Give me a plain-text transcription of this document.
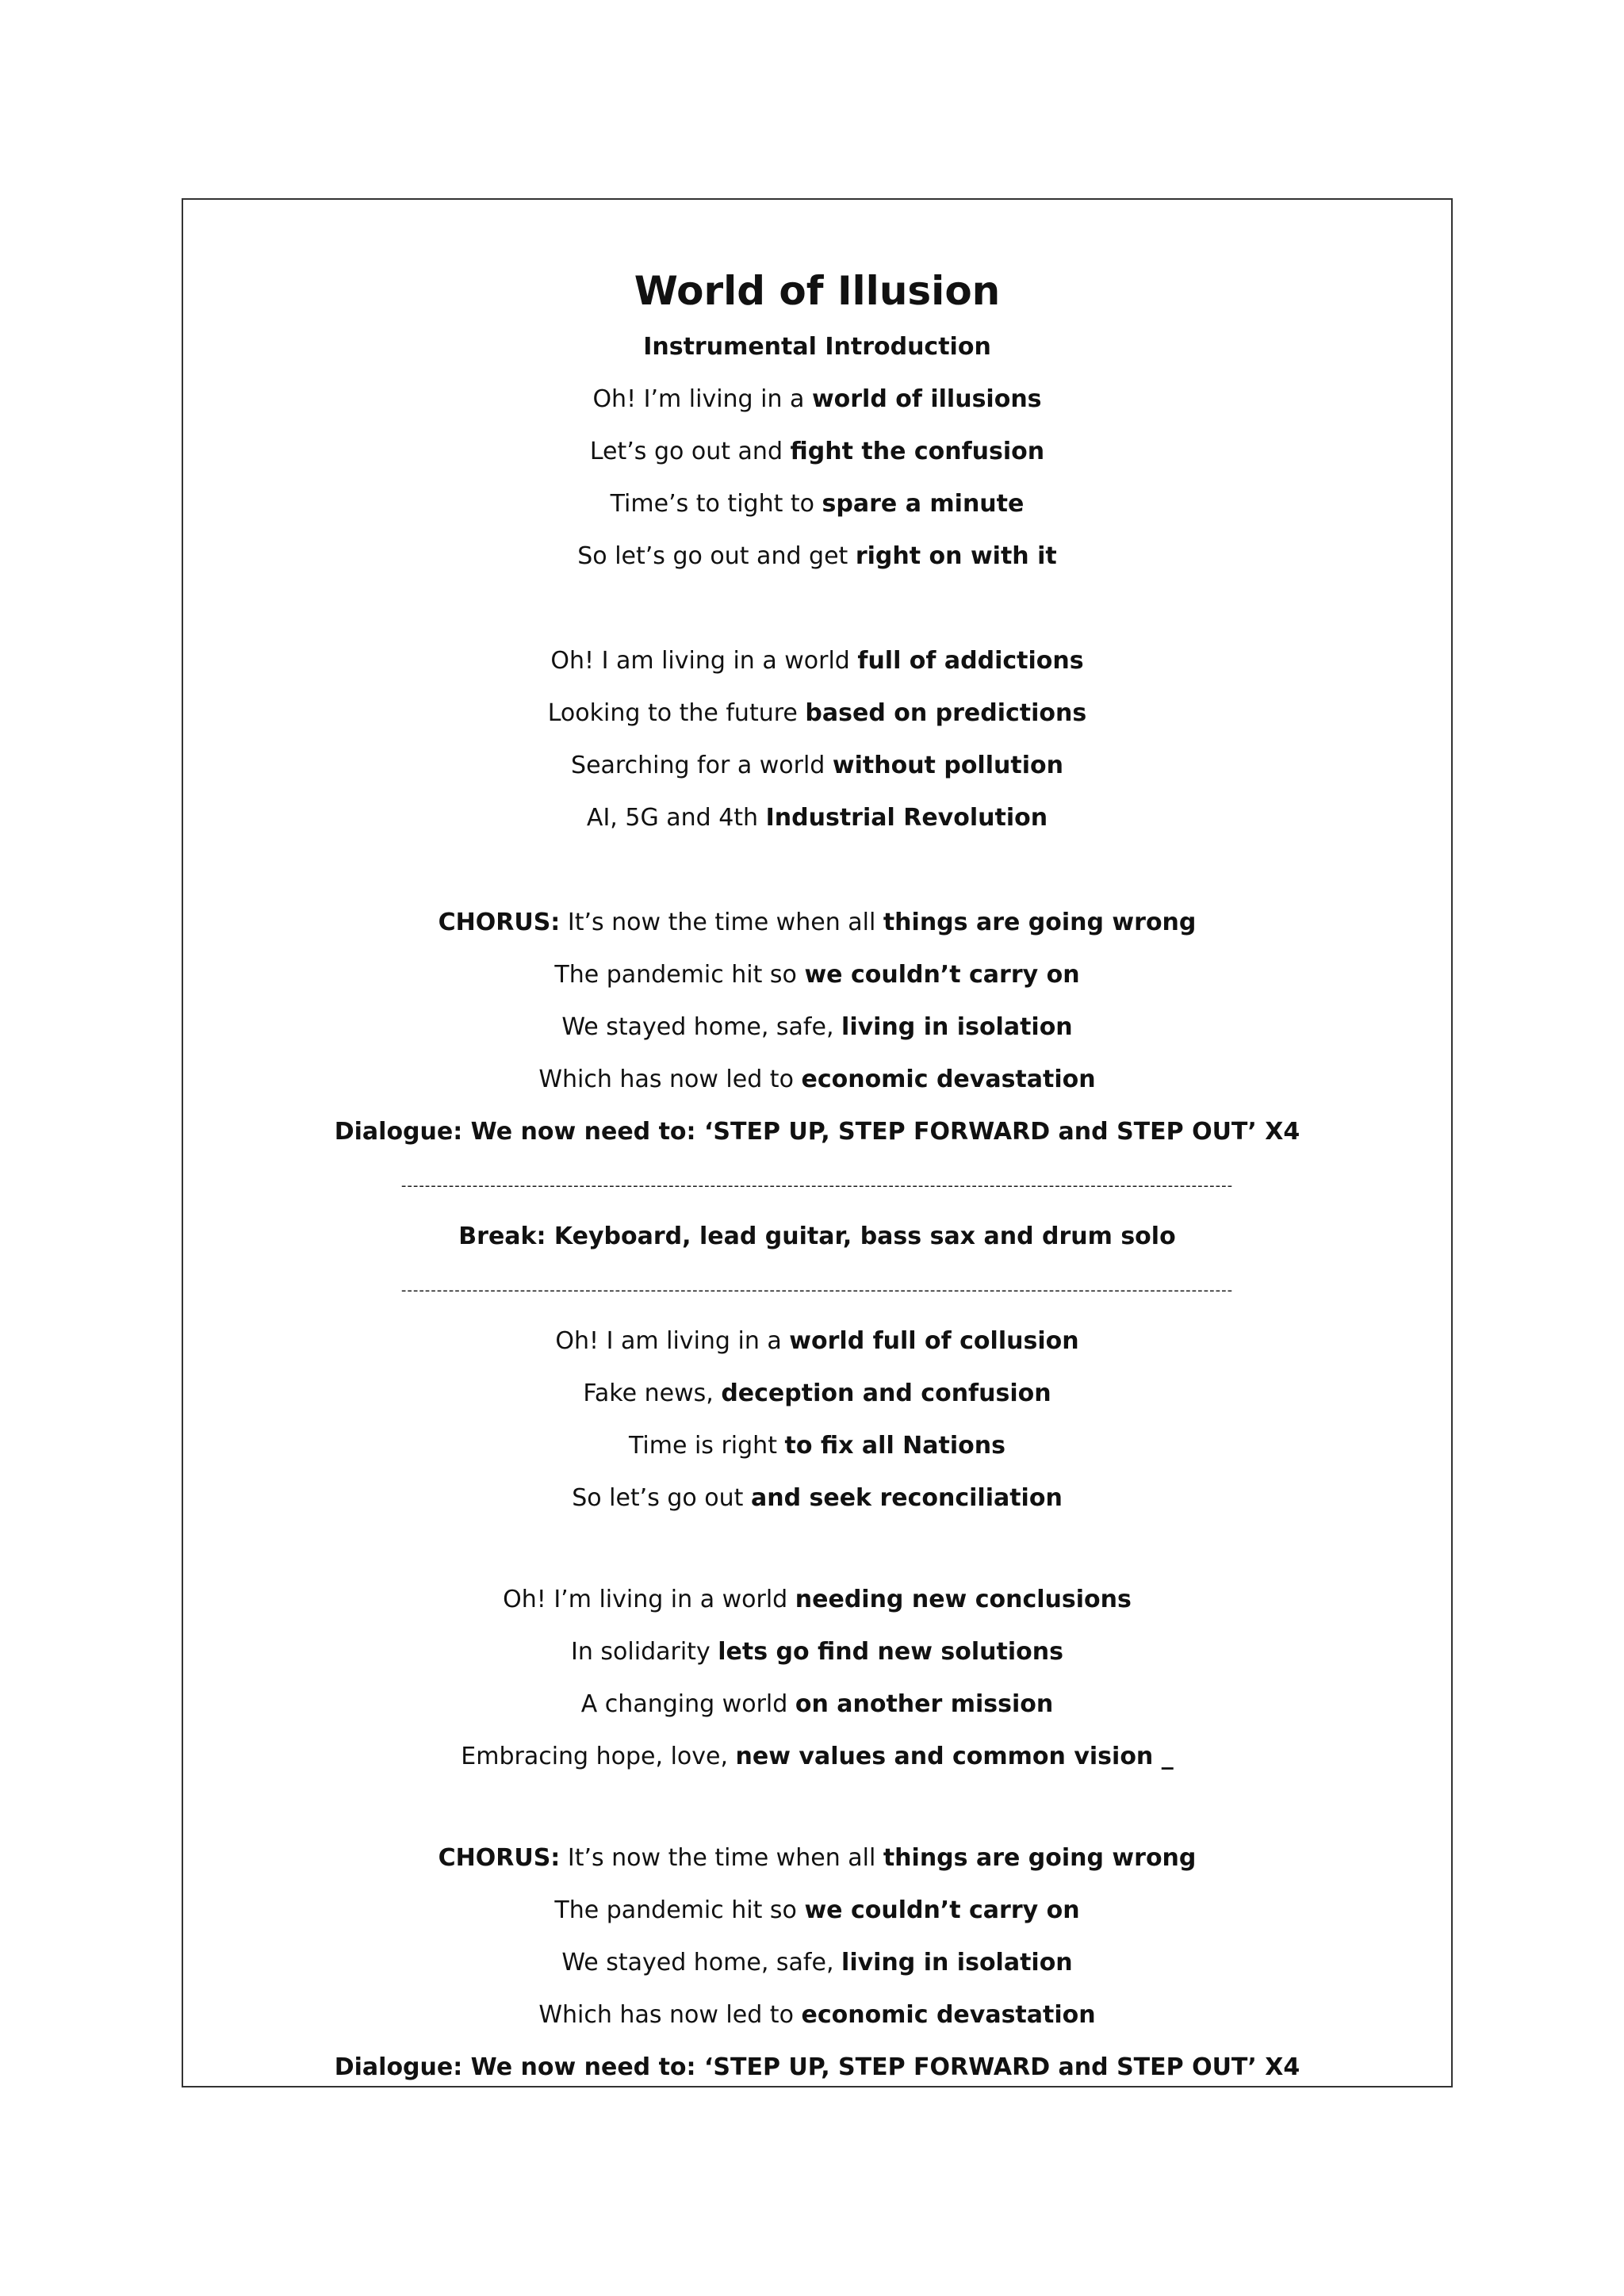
World of Illusion
Instrumental Introduction
Oh! I’m living in a world of illusions
Let’s go out and fight the confusion
Time’s to tight to spare a minute
So let’s go out and get right on with it
Oh! I am living in a world full of addictions
Looking to the future based on predictions
Searching for a world without pollution
AI, 5G and 4th Industrial Revolution
CHORUS: It’s now the time when all things are going wrong
The pandemic hit so we couldn’t carry on
We stayed home, safe, living in isolation
Which has now led to economic devastation
Dialogue: We now need to: ‘STEP UP, STEP FORWARD and STEP OUT’ X4
--------------------------------------------------------------------------------------------------------------------------------------------
Break: Keyboard, lead guitar, bass sax and drum solo
--------------------------------------------------------------------------------------------------------------------------------------------
Oh! I am living in a world full of collusion
Fake news, deception and confusion
Time is right to fix all Nations
So let’s go out and seek reconciliation
Oh! I’m living in a world needing new conclusions
In solidarity lets go find new solutions
A changing world on another mission
Embracing hope, love, new values and common vision _
CHORUS: It’s now the time when all things are going wrong
The pandemic hit so we couldn’t carry on
We stayed home, safe, living in isolation
Which has now led to economic devastation
Dialogue: We now need to: ‘STEP UP, STEP FORWARD and STEP OUT’ X4
